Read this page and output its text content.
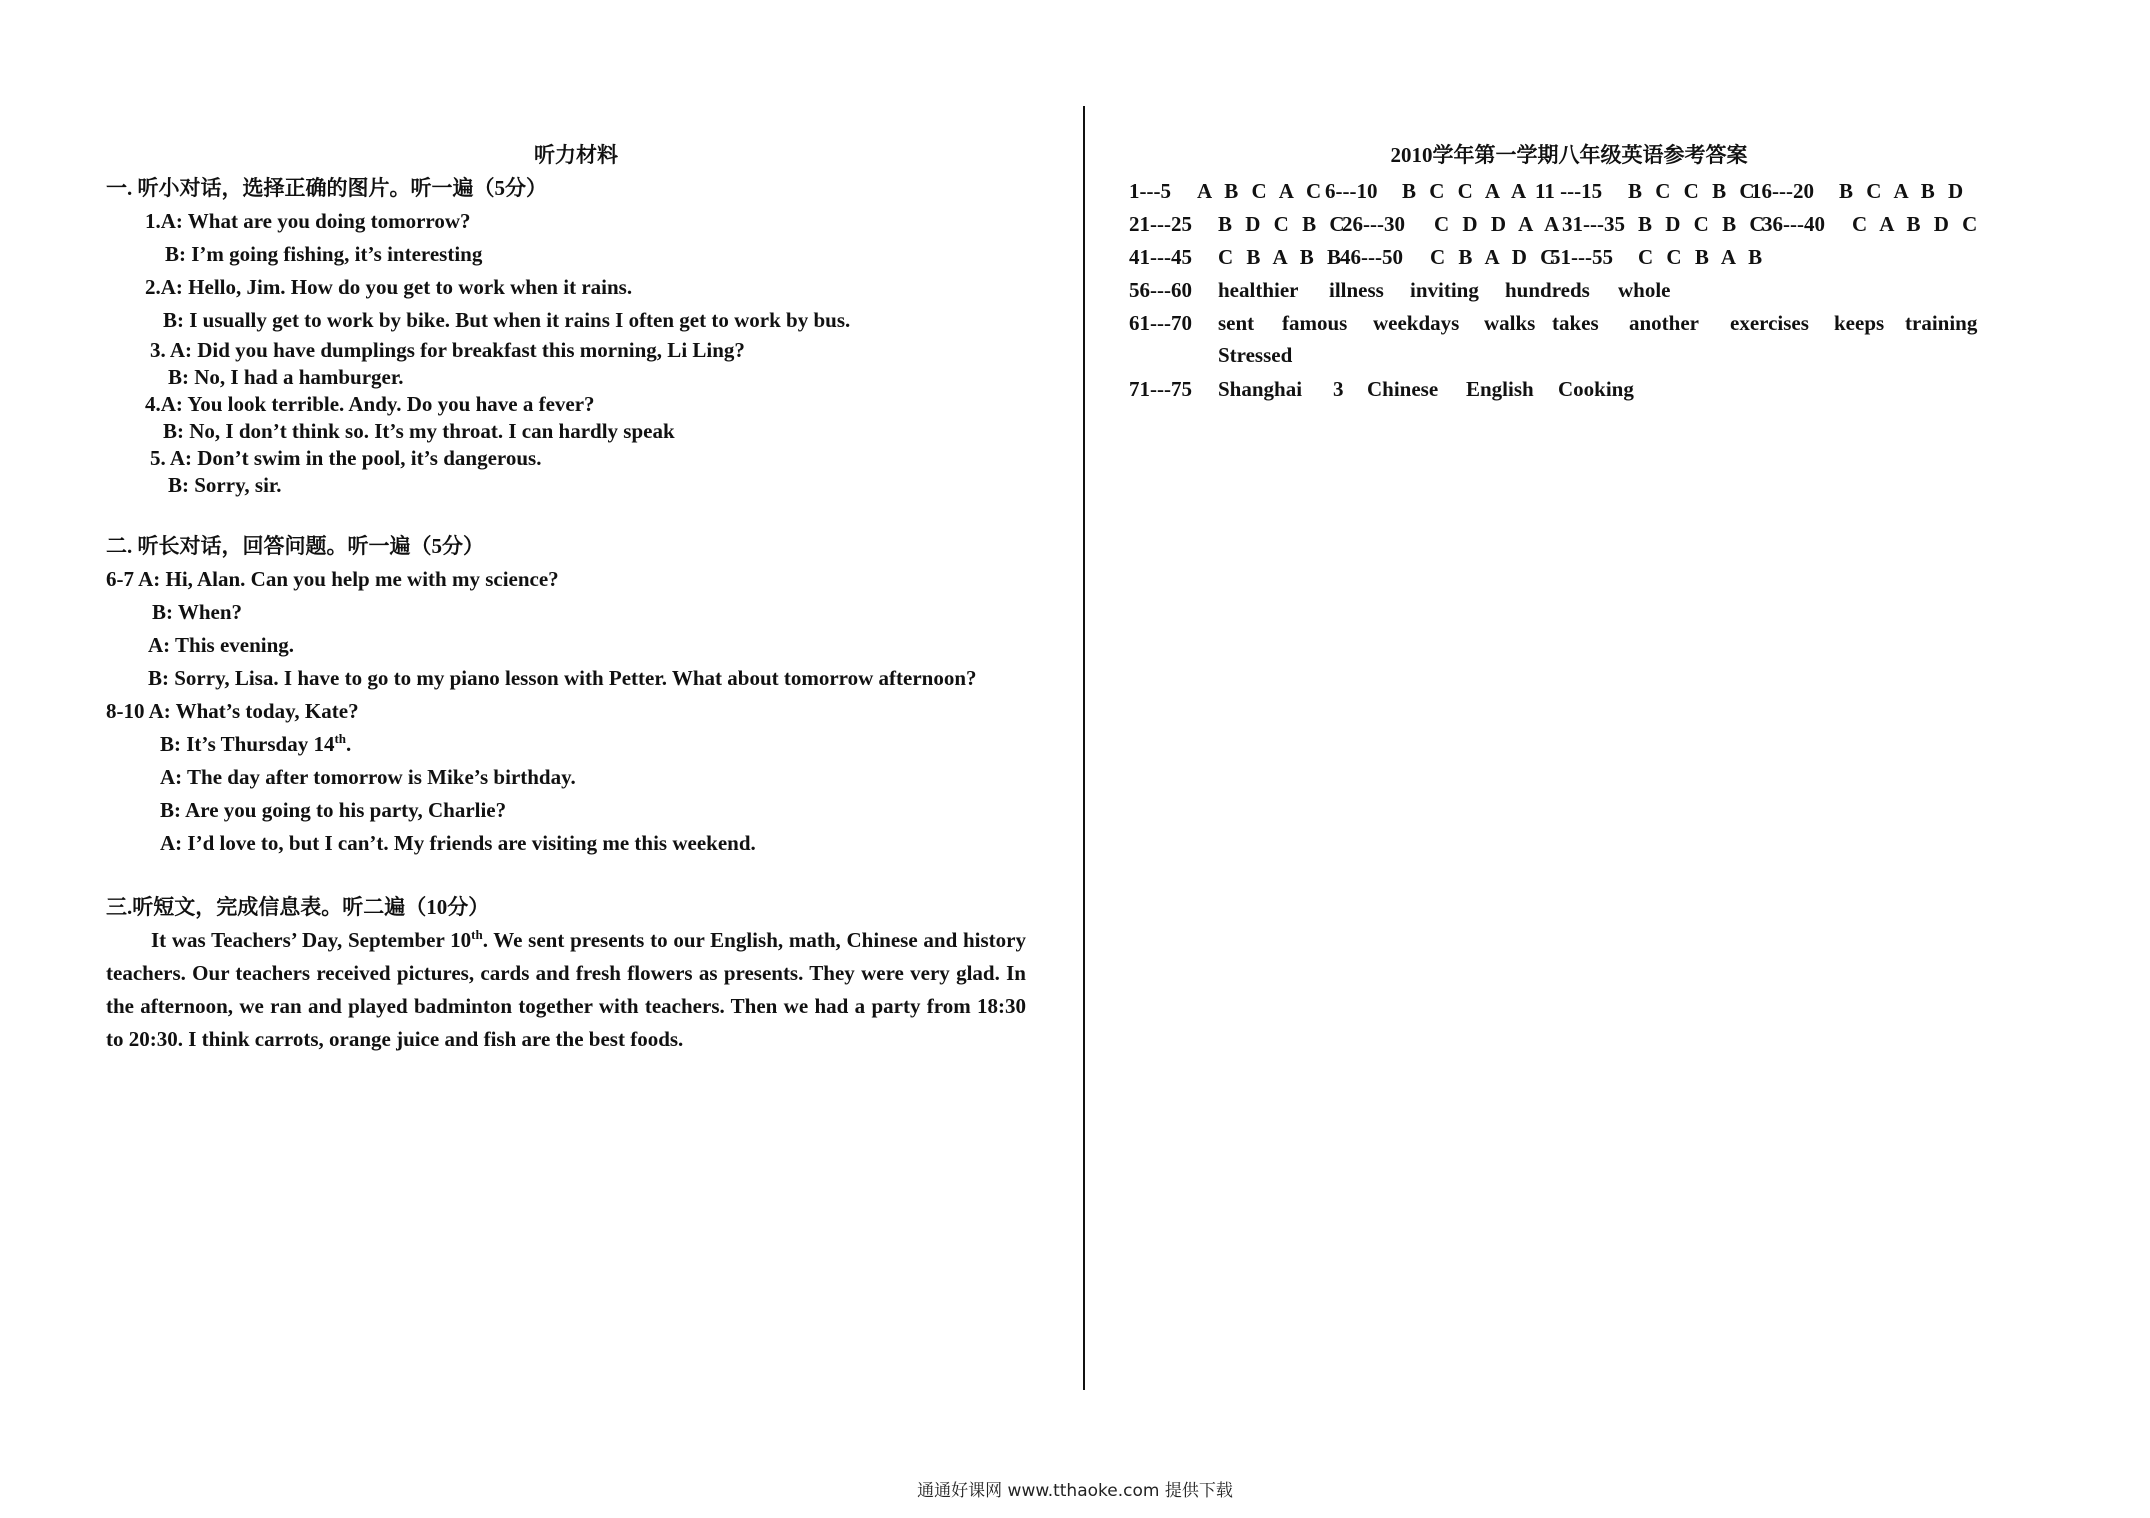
听力材料
一. 听小对话，选择正确的图片。听一遍（5分）
1.A: What are you doing tomorrow?
B: I’m going fishing, it’s interesting
2.A: Hello, Jim. How do you get to work when it rains.
B: I usually get to work by bike. But when it rains I often get to work by bus.
3. A: Did you have dumplings for breakfast this morning, Li Ling?
B: No, I had a hamburger.
4.A: You look terrible. Andy. Do you have a fever?
B: No, I don’t think so. It’s my throat. I can hardly speak
5. A: Don’t swim in the pool, it’s dangerous.
B: Sorry, sir.
二. 听长对话，回答问题。听一遍（5分）
6-7 A: Hi, Alan. Can you help me with my science?
B: When?
A: This evening.
B: Sorry, Lisa. I have to go to my piano lesson with Petter. What about tomorrow afternoon?
8-10 A: What’s today, Kate?
B: It’s Thursday 14th.
A: The day after tomorrow is Mike’s birthday.
B: Are you going to his party, Charlie?
A: I’d love to, but I can’t. My friends are visiting me this weekend.
三.听短文，完成信息表。听二遍（10分）
It was Teachers’ Day, September 10th. We sent presents to our English, math, Chinese and history teachers. Our teachers received pictures, cards and fresh flowers as presents. They were very glad. In the afternoon, we ran and played badminton together with teachers. Then we had a party from 18:30 to 20:30. I think carrots, orange juice and fish are the best foods.
2010学年第一学期八年级英语参考答案
1---5 A B C A C 6---10 B C C A A 11 ---15 B C C B C
16---20 B C A B D
21---25 B D C B C
26---30 C D D A A
31---35 B D C B C
36---40 C A B D C
41---45 C B A B B
46---50 C B A D C
51---55 C C B A B
56---60 healthier illness inviting hundreds whole
61---70 sent famous weekdays walks takes another exercises keeps training
Stressed
71---75 Shanghai 3 Chinese English Cooking
通通好课网 www.tthaoke.com 提供下载
